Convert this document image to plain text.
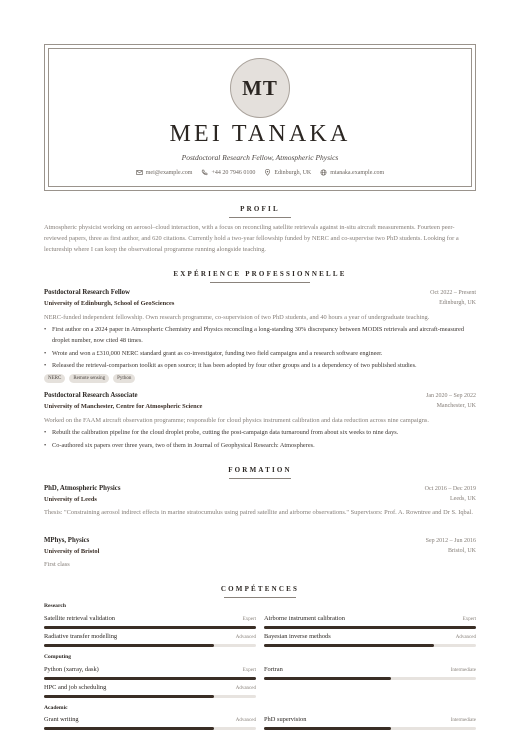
MT
MEI TANAKA
Postdoctoral Research Fellow, Atmospheric Physics
mei@example.com	+44 20 7946 0100	Edinburgh, UK	mtanaka.example.com
PROFIL
Atmospheric physicist working on aerosol–cloud interaction, with a focus on reconciling satellite retrievals against in-situ aircraft measurements. Fourteen peer-reviewed papers, three as first author, and 620 citations. Currently hold a two-year fellowship funded by NERC and co-supervise two PhD students. Looking for a lectureship where I can keep the observational programme running alongside teaching.
EXPÉRIENCE PROFESSIONNELLE
Postdoctoral Research Fellow	Oct 2022 – Present
University of Edinburgh, School of GeoSciences	Edinburgh, UK
NERC-funded independent fellowship. Own research programme, co-supervision of two PhD students, and 40 hours a year of undergraduate teaching.
• First author on a 2024 paper in Atmospheric Chemistry and Physics reconciling a long-standing 30% discrepancy between MODIS retrievals and aircraft-measured droplet number, now cited 48 times.
• Wrote and won a £310,000 NERC standard grant as co-investigator, funding two field campaigns and a research software engineer.
• Released the retrieval-comparison toolkit as open source; it has been adopted by four other groups and is a dependency of two published studies.
NERC	Remote sensing	Python
Postdoctoral Research Associate	Jan 2020 – Sep 2022
University of Manchester, Centre for Atmospheric Science	Manchester, UK
Worked on the FAAM aircraft observation programme; responsible for cloud physics instrument calibration and data reduction across nine campaigns.
• Rebuilt the calibration pipeline for the cloud droplet probe, cutting the post-campaign data turnaround from about six weeks to nine days.
• Co-authored six papers over three years, two of them in Journal of Geophysical Research: Atmospheres.
FORMATION
PhD, Atmospheric Physics	Oct 2016 – Dec 2019
University of Leeds	Leeds, UK
Thesis: "Constraining aerosol indirect effects in marine stratocumulus using paired satellite and airborne observations." Supervisors: Prof. A. Rowntree and Dr S. Iqbal.
MPhys, Physics	Sep 2012 – Jun 2016
University of Bristol	Bristol, UK
First class
COMPÉTENCES
Research
Satellite retrieval validation	Expert Airborne instrument calibration	Expert
Radiative transfer modelling	Advanced Bayesian inverse methods	Advanced
Computing
Python (xarray, dask)	Expert Fortran	Intermediate
HPC and job scheduling	Advanced
Academic
Grant writing	Advanced PhD supervision	Intermediate
